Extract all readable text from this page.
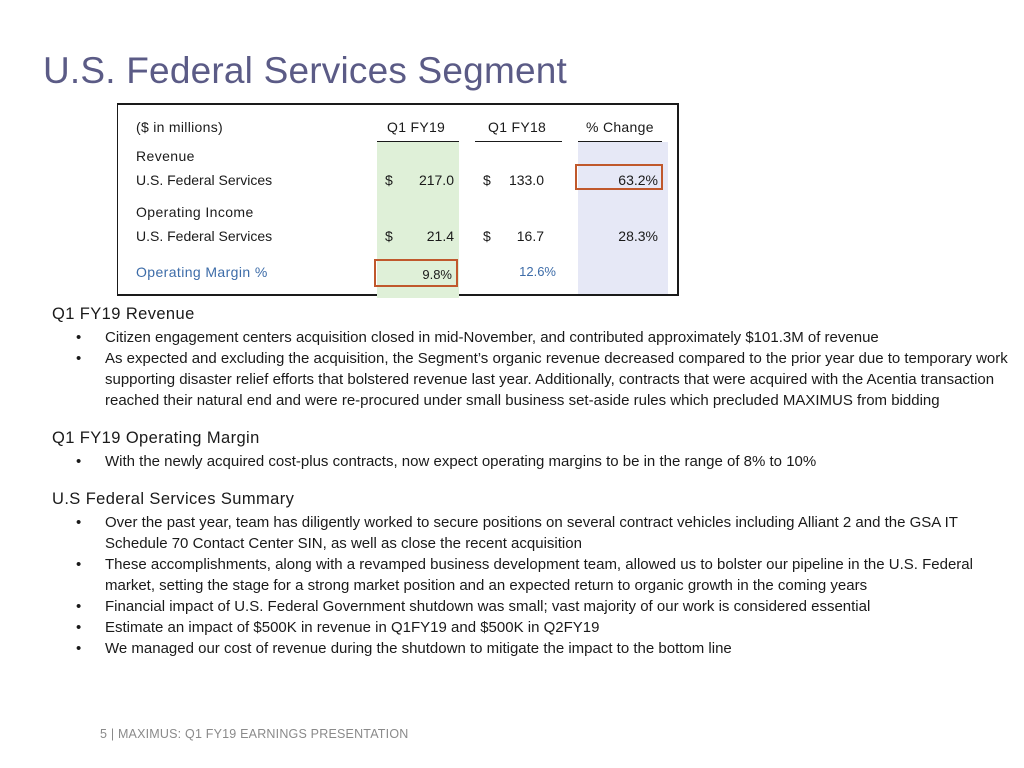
U.S. Federal Services Segment
($ in millions)	Q1 FY19	Q1 FY18	% Change
Revenue
U.S. Federal Services	$	217.0 $	133.0	63.2%
Operating Income
U.S. Federal Services	$	21.4 $	16.7	28.3%
Operating Margin %	9.8%	12.6%
Q1 FY19 Revenue
• Citizen engagement centers acquisition closed in mid-November, and contributed approximately $101.3M of revenue
• As expected and excluding the acquisition, the Segment’s organic revenue decreased compared to the prior year due to temporary work supporting disaster relief efforts that bolstered revenue last year. Additionally, contracts that were acquired with the Acentia transaction reached their natural end and were re-procured under small business set-aside rules which precluded MAXIMUS from bidding
Q1 FY19 Operating Margin
• With the newly acquired cost-plus contracts, now expect operating margins to be in the range of 8% to 10%
U.S Federal Services Summary
• Over the past year, team has diligently worked to secure positions on several contract vehicles including Alliant 2 and the GSA IT Schedule 70 Contact Center SIN, as well as close the recent acquisition
• These accomplishments, along with a revamped business development team, allowed us to bolster our pipeline in the U.S. Federal market, setting the stage for a strong market position and an expected return to organic growth in the coming years
• Financial impact of U.S. Federal Government shutdown was small; vast majority of our work is considered essential
• Estimate an impact of $500K in revenue in Q1FY19 and $500K in Q2FY19
• We managed our cost of revenue during the shutdown to mitigate the impact to the bottom line
5 | MAXIMUS: Q1 FY19 EARNINGS PRESENTATION
